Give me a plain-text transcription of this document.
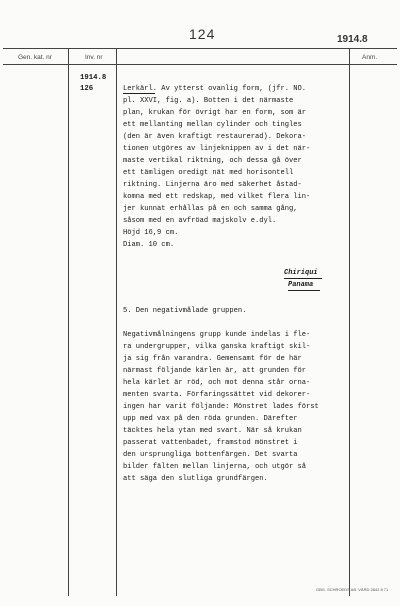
124	1914.8
Gen. kat. nr	Inv. nr	Anm.
1914.8
126	Lerkärl. Av ytterst ovanlig form, (jfr. NO.
pl. XXVI, fig. a). Botten i det närmaste
plan, krukan för övrigt har en form, som är
ett mellanting mellan cylinder och tingles
(den är även kraftigt restaurerad). Dekora-
tionen utgöres av linjeknippen av i det när-
maste vertikal riktning, och dessa gå över
ett tämligen oredigt nät med horisontell
riktning. Linjerna äro med säkerhet åstad-
komna med ett redskap, med vilket flera lin-
jer kunnat erhållas på en och samma gång,
såsom med en avfröad majskolv e.dyl.
Höjd 16,9 cm.
Diam. 10 cm.
Chiriqui
Panama
5. Den negativmålade gruppen.
Negativmålningens grupp kunde indelas i fle-
ra undergrupper, vilka ganska kraftigt skil-
ja sig från varandra. Gemensamt för de här
närmast följande kärlen är, att grunden för
hela kärlet är röd, och mot denna står orna-
menten svarta. Förfaringssättet vid dekorer-
ingen har varit följande: Mönstret lades först
upp med vax på den röda grunden. Därefter
täcktes hela ytan med svart. När så krukan
passerat vattenbadet, framstod mönstret i
den ursprungliga bottenfärgen. Det svarta
bilder fälten mellan linjerna, och utgör så
att säga den slutliga grundfärgen.
GBG. SCHROEDS AB. VÄRD 2842 8 71
